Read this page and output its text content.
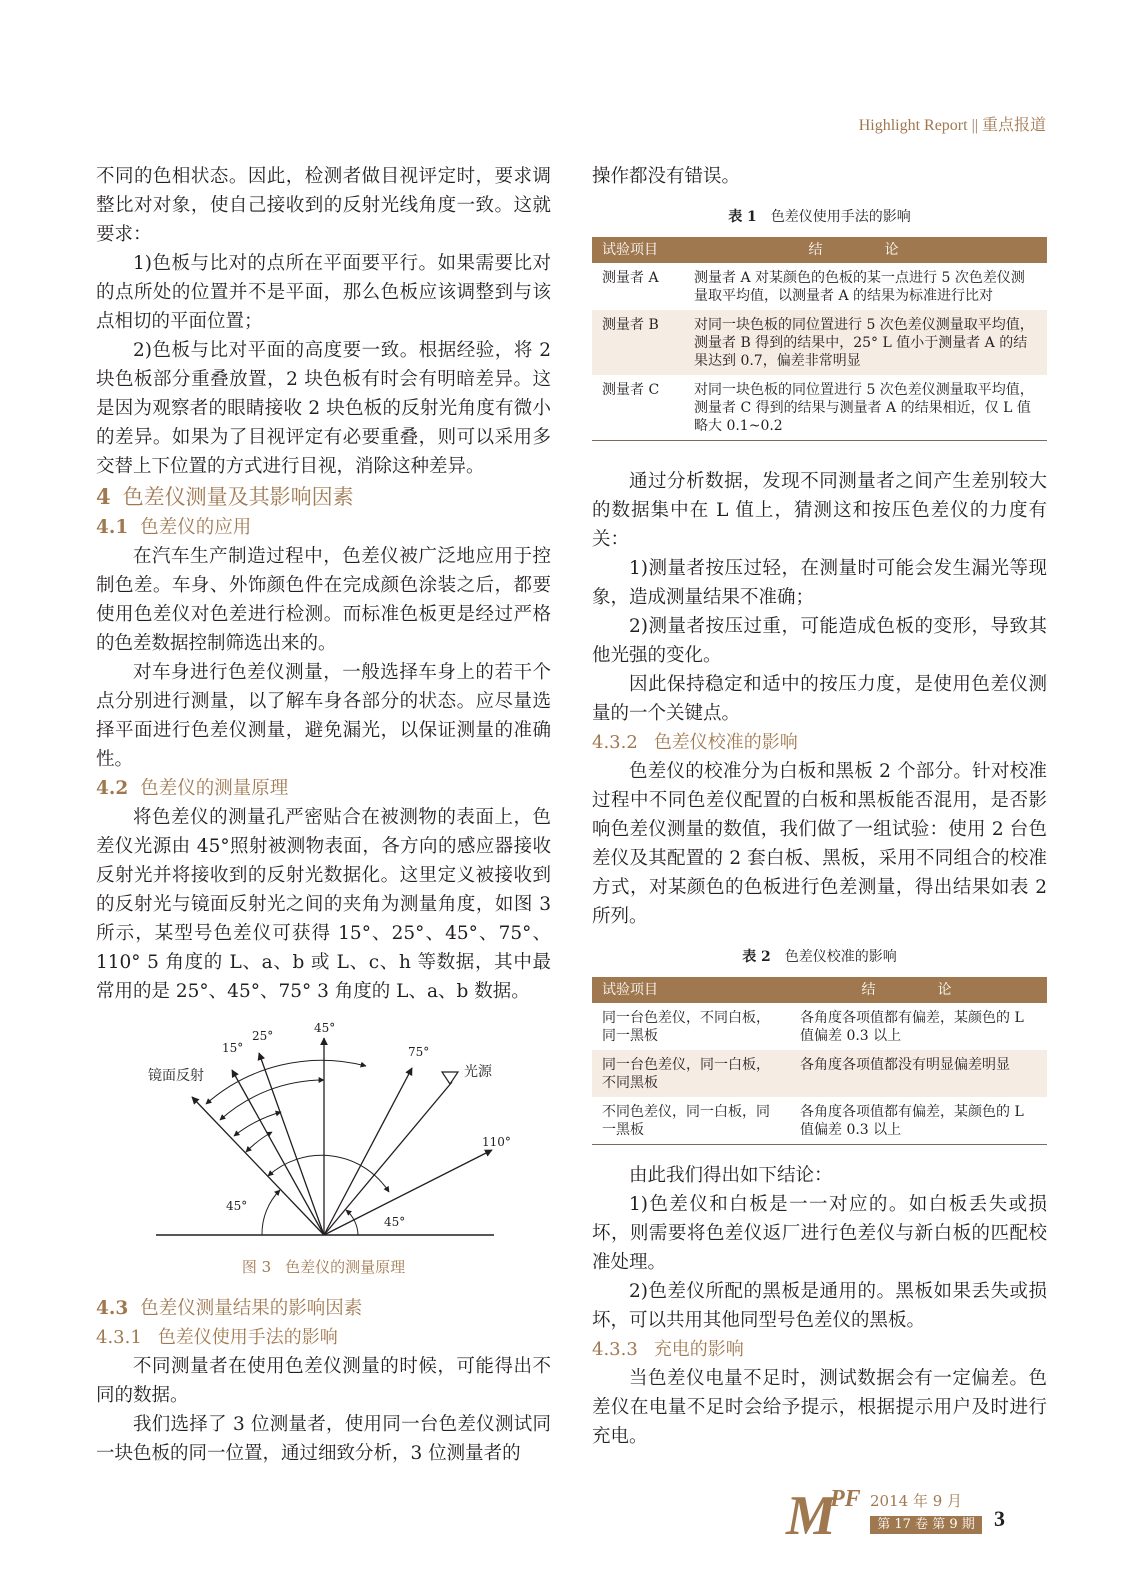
Highlight Report || 重点报道

不同的色相状态。因此，检测者做目视评定时，要求调整比对对象，使自己接收到的反射光线角度一致。这就要求：

1)色板与比对的点所在平面要平行。如果需要比对的点所处的位置并不是平面，那么色板应该调整到与该点相切的平面位置；

2)色板与比对平面的高度要一致。根据经验，将 2 块色板部分重叠放置，2 块色板有时会有明暗差异。这是因为观察者的眼睛接收 2 块色板的反射光角度有微小的差异。如果为了目视评定有必要重叠，则可以采用多交替上下位置的方式进行目视，消除这种差异。

4 色差仪测量及其影响因素
4.1 色差仪的应用

在汽车生产制造过程中，色差仪被广泛地应用于控制色差。车身、外饰颜色件在完成颜色涂装之后，都要使用色差仪对色差进行检测。而标准色板更是经过严格的色差数据控制筛选出来的。

对车身进行色差仪测量，一般选择车身上的若干个点分别进行测量，以了解车身各部分的状态。应尽量选择平面进行色差仪测量，避免漏光，以保证测量的准确性。

4.2 色差仪的测量原理

将色差仪的测量孔严密贴合在被测物的表面上，色差仪光源由 45°照射被测物表面，各方向的感应器接收反射光并将接收到的反射光数据化。这里定义被接收到的反射光与镜面反射光之间的夹角为测量角度，如图 3 所示，某型号色差仪可获得 15°、25°、45°、75°、110° 5 角度的 L、a、b 或 L、c、h 等数据，其中最常用的是 25°、45°、75° 3 角度的 L、a、b 数据。

镜面反射	光源
15°
25°
45°
75°
110°
45°
45°
图 3 色差仪的测量原理
4.3 色差仪测量结果的影响因素
4.3.1 色差仪使用手法的影响

不同测量者在使用色差仪测量的时候，可能得出不同的数据。

我们选择了 3 位测量者，使用同一台色差仪测试同一块色板的同一位置，通过细致分析，3 位测量者的

操作都没有错误。

表 1 色差仪使用手法的影响
试验项目	结　论
测量者 A	测量者 A 对某颜色的色板的某一点进行 5 次色差仪测量取平均值，以测量者 A 的结果为标准进行比对
测量者 B	对同一块色板的同位置进行 5 次色差仪测量取平均值，测量者 B 得到的结果中，25° L 值小于测量者 A 的结果达到 0.7，偏差非常明显
测量者 C	对同一块色板的同位置进行 5 次色差仪测量取平均值，测量者 C 得到的结果与测量者 A 的结果相近，仅 L 值略大 0.1~0.2

通过分析数据，发现不同测量者之间产生差别较大的数据集中在 L 值上，猜测这和按压色差仪的力度有关：

1)测量者按压过轻，在测量时可能会发生漏光等现象，造成测量结果不准确；

2)测量者按压过重，可能造成色板的变形，导致其他光强的变化。

因此保持稳定和适中的按压力度，是使用色差仪测量的一个关键点。

4.3.2 色差仪校准的影响

色差仪的校准分为白板和黑板 2 个部分。针对校准过程中不同色差仪配置的白板和黑板能否混用，是否影响色差仪测量的数值，我们做了一组试验：使用 2 台色差仪及其配置的 2 套白板、黑板，采用不同组合的校准方式，对某颜色的色板进行色差测量，得出结果如表 2 所列。

表 2 色差仪校准的影响
试验项目	结　论
同一台色差仪，不同白板，同一黑板	各角度各项值都有偏差，某颜色的 L 值偏差 0.3 以上
同一台色差仪，同一白板，不同黑板	各角度各项值都没有明显偏差明显
不同色差仪，同一白板，同一黑板	各角度各项值都有偏差，某颜色的 L 值偏差 0.3 以上

由此我们得出如下结论：

1)色差仪和白板是一一对应的。如白板丢失或损坏，则需要将色差仪返厂进行色差仪与新白板的匹配校准处理。

2)色差仪所配的黑板是通用的。黑板如果丢失或损坏，可以共用其他同型号色差仪的黑板。

4.3.3 充电的影响

当色差仪电量不足时，测试数据会有一定偏差。色差仪在电量不足时会给予提示，根据提示用户及时进行充电。

M
PF 2014 年 9 月
第 17 卷 第 9 期 3
